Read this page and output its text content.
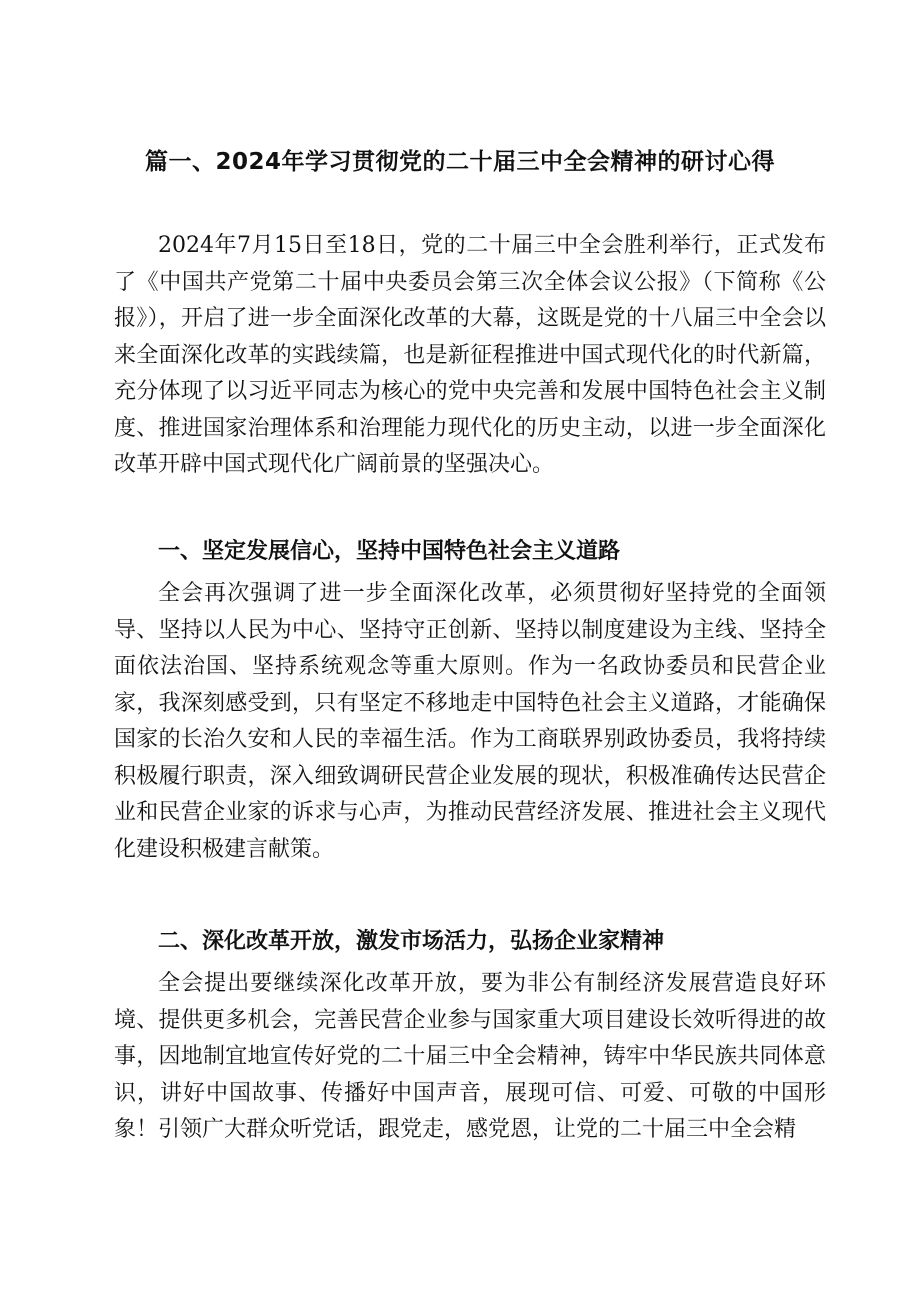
篇一、2024年学习贯彻党的二十届三中全会精神的研讨心得

2024年7月15日至18日，党的二十届三中全会胜利举行，正式发布了《中国共产党第二十届中央委员会第三次全体会议公报》（下简称《公报》），开启了进一步全面深化改革的大幕，这既是党的十八届三中全会以来全面深化改革的实践续篇，也是新征程推进中国式现代化的时代新篇，充分体现了以习近平同志为核心的党中央完善和发展中国特色社会主义制度、推进国家治理体系和治理能力现代化的历史主动，以进一步全面深化改革开辟中国式现代化广阔前景的坚强决心。

一、坚定发展信心，坚持中国特色社会主义道路

全会再次强调了进一步全面深化改革，必须贯彻好坚持党的全面领导、坚持以人民为中心、坚持守正创新、坚持以制度建设为主线、坚持全面依法治国、坚持系统观念等重大原则。作为一名政协委员和民营企业家，我深刻感受到，只有坚定不移地走中国特色社会主义道路，才能确保国家的长治久安和人民的幸福生活。作为工商联界别政协委员，我将持续积极履行职责，深入细致调研民营企业发展的现状，积极准确传达民营企业和民营企业家的诉求与心声，为推动民营经济发展、推进社会主义现代化建设积极建言献策。

二、深化改革开放，激发市场活力，弘扬企业家精神

全会提出要继续深化改革开放，要为非公有制经济发展营造良好环境、提供更多机会，完善民营企业参与国家重大项目建设长效听得进的故事，因地制宜地宣传好党的二十届三中全会精神，铸牢中华民族共同体意识，讲好中国故事、传播好中国声音，展现可信、可爱、可敬的中国形象！引领广大群众听党话，跟党走，感党恩，让党的二十届三中全会精
